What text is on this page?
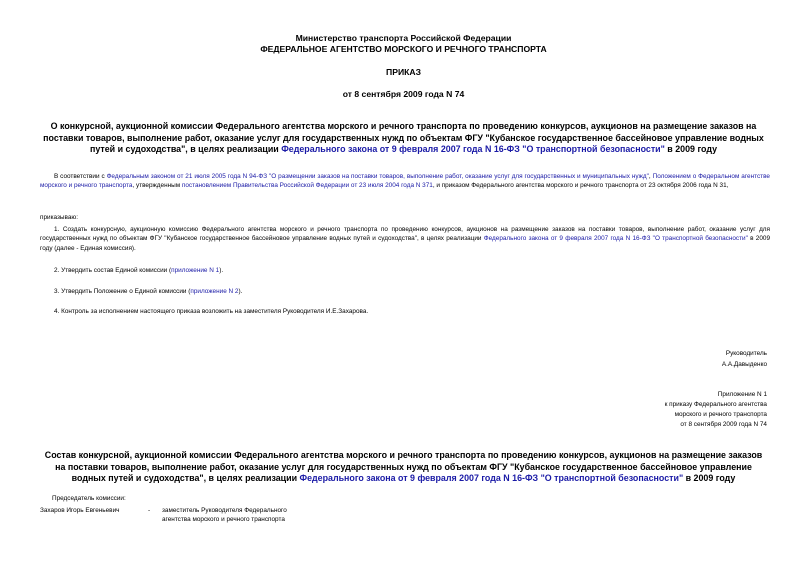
Министерство транспорта Российской Федерации
ФЕДЕРАЛЬНОЕ АГЕНТСТВО МОРСКОГО И РЕЧНОГО ТРАНСПОРТА
ПРИКАЗ
от 8 сентября 2009 года N 74
О конкурсной, аукционной комиссии Федерального агентства морского и речного транспорта по проведению конкурсов, аукционов на размещение заказов на поставки товаров, выполнение работ, оказание услуг для государственных нужд по объектам ФГУ "Кубанское государственное бассейновое управление водных путей и судоходства", в целях реализации Федерального закона от 9 февраля 2007 года N 16-ФЗ "О транспортной безопасности" в 2009 году
В соответствии с Федеральным законом от 21 июля 2005 года N 94-ФЗ "О размещении заказов на поставки товаров, выполнение работ, оказание услуг для государственных и муниципальных нужд", Положением о Федеральном агентстве морского и речного транспорта, утвержденным постановлением Правительства Российской Федерации от 23 июля 2004 года N 371, и приказом Федерального агентства морского и речного транспорта от 23 октября 2006 года N 31,
приказываю:
1. Создать конкурсную, аукционную комиссию Федерального агентства морского и речного транспорта по проведению конкурсов, аукционов на размещение заказов на поставки товаров, выполнение работ, оказание услуг для государственных нужд по объектам ФГУ "Кубанское государственное бассейновое управление водных путей и судоходства", в целях реализации Федерального закона от 9 февраля 2007 года N 16-ФЗ "О транспортной безопасности" в 2009 году (далее - Единая комиссия).
2. Утвердить состав Единой комиссии (приложение N 1).
3. Утвердить Положение о Единой комиссии (приложение N 2).
4. Контроль за исполнением настоящего приказа возложить на заместителя Руководителя И.Е.Захарова.
Руководитель
А.А.Давыденко
Приложение N 1
к приказу Федерального агентства
морского и речного транспорта
от 8 сентября 2009 года N 74
Состав конкурсной, аукционной комиссии Федерального агентства морского и речного транспорта по проведению конкурсов, аукционов на размещение заказов на поставки товаров, выполнение работ, оказание услуг для государственных нужд по объектам ФГУ "Кубанское государственное бассейновое управление водных путей и судоходства", в целях реализации Федерального закона от 9 февраля 2007 года N 16-ФЗ "О транспортной безопасности" в 2009 году
Председатель комиссии:
Захаров Игорь Евгеньевич	- заместитель Руководителя Федерального
агентства морского и речного транспорта
